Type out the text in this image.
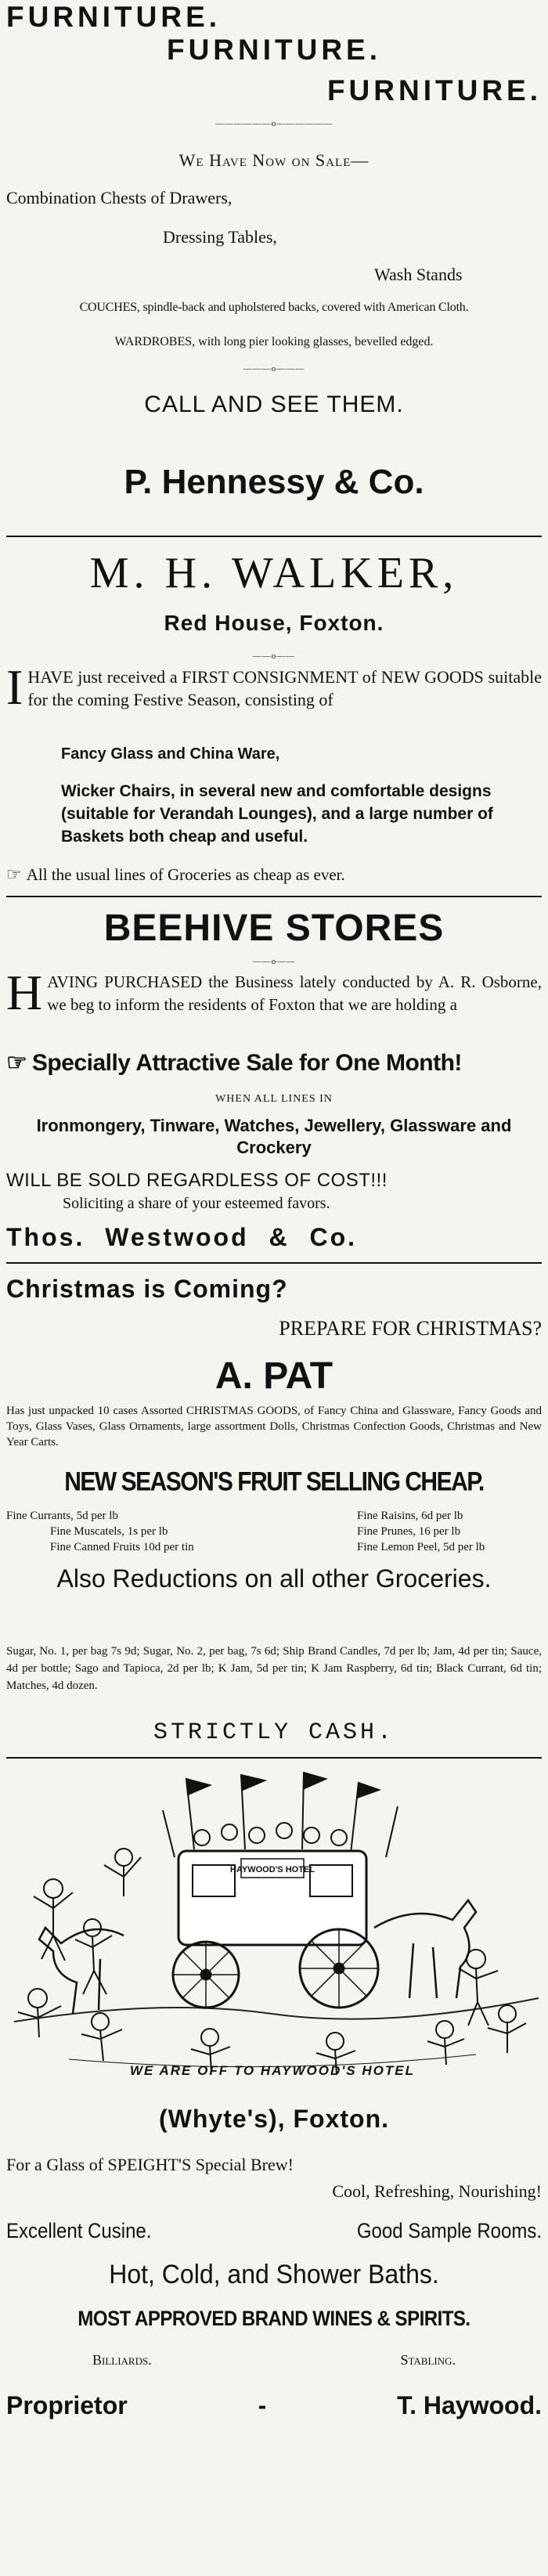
FURNITURE.
FURNITURE.
FURNITURE.
——————o——————
We Have Now on Sale—
Combination Chests of Drawers,
Dressing Tables,
Wash Stands
COUCHES, spindle-back and upholstered backs, covered with American Cloth.
WARDROBES, with long pier looking glasses, bevelled edged.
———o———
CALL AND SEE THEM.
P. Hennessy & Co.
M. H. WALKER,
Red House, Foxton.
——o——
I HAVE just received a FIRST CONSIGNMENT of NEW GOODS suitable for the coming Festive Season, consisting of
Fancy Glass and China Ware,
Wicker Chairs, in several new and comfortable designs (suitable for Verandah Lounges), and a large number of Baskets both cheap and useful.
☞ All the usual lines of Groceries as cheap as ever.
BEEHIVE STORES
——o——
H AVING PURCHASED the Business lately conducted by A. R. Osborne, we beg to inform the residents of Foxton that we are holding a
☞ Specially Attractive Sale for One Month!
WHEN ALL LINES IN
Ironmongery, Tinware, Watches, Jewellery, Glassware and Crockery
WILL BE SOLD REGARDLESS OF COST!!!
Soliciting a share of your esteemed favors.
Thos. Westwood & Co.
Christmas is Coming?
PREPARE FOR CHRISTMAS?
A. PAT
Has just unpacked 10 cases Assorted CHRISTMAS GOODS, of Fancy China and Glassware, Fancy Goods and Toys, Glass Vases, Glass Ornaments, large assortment Dolls, Christmas Confection Goods, Christmas and New Year Carts.
NEW SEASON'S FRUIT SELLING CHEAP.
Fine Currants, 5d per lb	Fine Raisins, 6d per lb
Fine Muscatels, 1s per lb	Fine Prunes, 16 per lb
Fine Canned Fruits 10d per tin	Fine Lemon Peel, 5d per lb
Also Reductions on all other Groceries.
Sugar, No. 1, per bag 7s 9d; Sugar, No. 2, per bag, 7s 6d; Ship Brand Candles, 7d per lb; Jam, 4d per tin; Sauce, 4d per bottle; Sago and Tapioca, 2d per lb; K Jam, 5d per tin; K Jam Raspberry, 6d tin; Black Currant, 6d tin; Matches, 4d dozen.
STRICTLY CASH.
HAYWOOD'S HOTEL
WE ARE OFF TO HAYWOOD'S HOTEL
(Whyte's), Foxton.
For a Glass of SPEIGHT'S Special Brew!
Cool, Refreshing, Nourishing!
Excellent Cusine.	Good Sample Rooms.
Hot, Cold, and Shower Baths.
MOST APPROVED BRAND WINES & SPIRITS.
Billiards.	Stabling.
Proprietor	-	T. Haywood.
